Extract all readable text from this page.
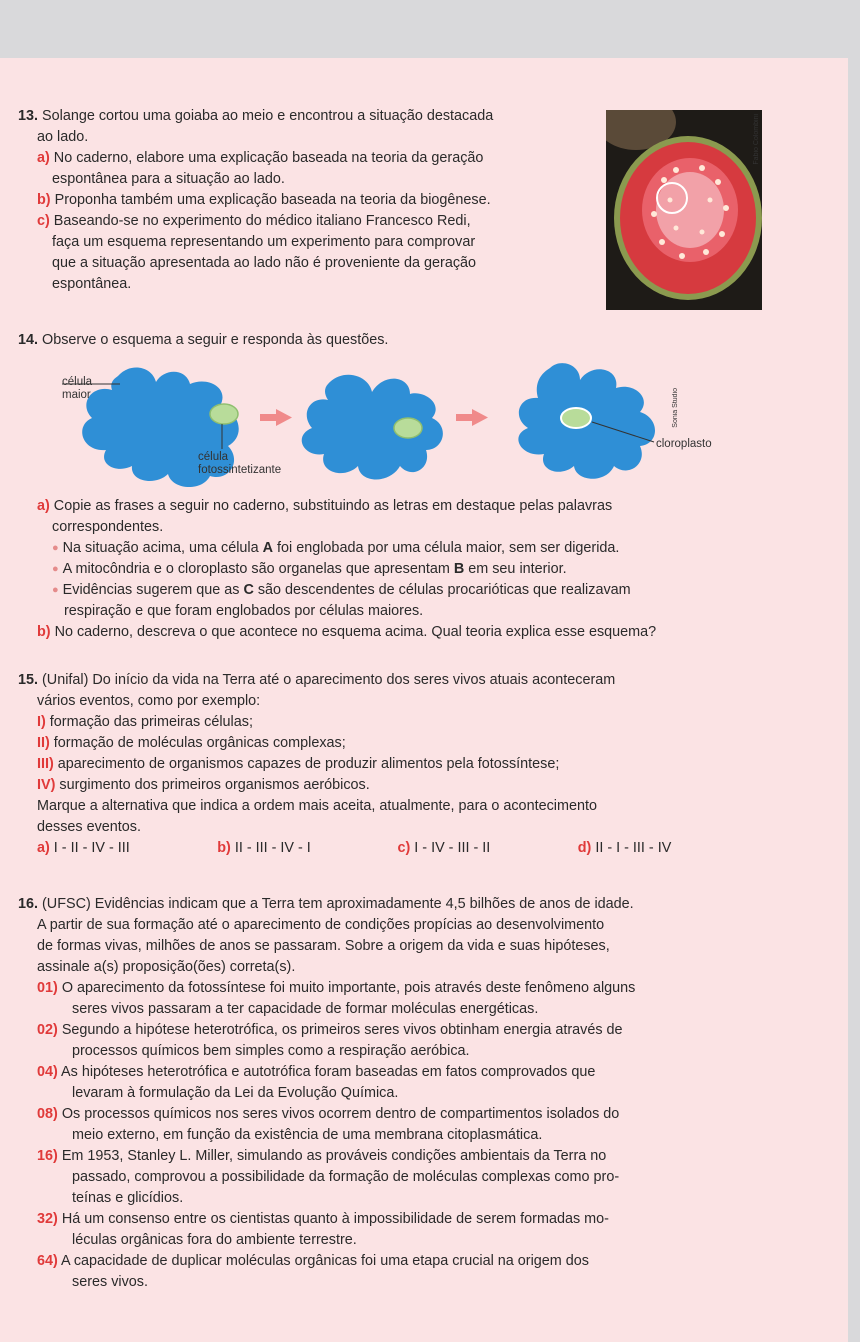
13. Solange cortou uma goiaba ao meio e encontrou a situação destacada
ao lado.
a) No caderno, elabore uma explicação baseada na teoria da geração
espontânea para a situação ao lado.
b) Proponha também uma explicação baseada na teoria da biogênese.
c) Baseando-se no experimento do médico italiano Francesco Redi,
faça um esquema representando um experimento para comprovar
que a situação apresentada ao lado não é proveniente da geração
espontânea.
Fabio Colombini
14. Observe o esquema a seguir e responda às questões.
célula
maior
célula
fotossintetizante
cloroplasto
Sonia Studio
a) Copie as frases a seguir no caderno, substituindo as letras em destaque pelas palavras
correspondentes.
● Na situação acima, uma célula A foi englobada por uma célula maior, sem ser digerida.
● A mitocôndria e o cloroplasto são organelas que apresentam B em seu interior.
● Evidências sugerem que as C são descendentes de células procarióticas que realizavam
respiração e que foram englobados por células maiores.
b) No caderno, descreva o que acontece no esquema acima. Qual teoria explica esse esquema?
15. (Unifal) Do início da vida na Terra até o aparecimento dos seres vivos atuais aconteceram
vários eventos, como por exemplo:
I) formação das primeiras células;
II) formação de moléculas orgânicas complexas;
III) aparecimento de organismos capazes de produzir alimentos pela fotossíntese;
IV) surgimento dos primeiros organismos aeróbicos.
Marque a alternativa que indica a ordem mais aceita, atualmente, para o acontecimento
desses eventos.
a) I - II - IV - III	b) II - III - IV - I	c) I - IV - III - II	d) II - I - III - IV
16. (UFSC) Evidências indicam que a Terra tem aproximadamente 4,5 bilhões de anos de idade.
A partir de sua formação até o aparecimento de condições propícias ao desenvolvimento
de formas vivas, milhões de anos se passaram. Sobre a origem da vida e suas hipóteses,
assinale a(s) proposição(ões) correta(s).
01) O aparecimento da fotossíntese foi muito importante, pois através deste fenômeno alguns
seres vivos passaram a ter capacidade de formar moléculas energéticas.
02) Segundo a hipótese heterotrófica, os primeiros seres vivos obtinham energia através de
processos químicos bem simples como a respiração aeróbica.
04) As hipóteses heterotrófica e autotrófica foram baseadas em fatos comprovados que
levaram à formulação da Lei da Evolução Química.
08) Os processos químicos nos seres vivos ocorrem dentro de compartimentos isolados do
meio externo, em função da existência de uma membrana citoplasmática.
16) Em 1953, Stanley L. Miller, simulando as prováveis condições ambientais da Terra no
passado, comprovou a possibilidade da formação de moléculas complexas como pro-
teínas e glicídios.
32) Há um consenso entre os cientistas quanto à impossibilidade de serem formadas mo-
léculas orgânicas fora do ambiente terrestre.
64) A capacidade de duplicar moléculas orgânicas foi uma etapa crucial na origem dos
seres vivos.
